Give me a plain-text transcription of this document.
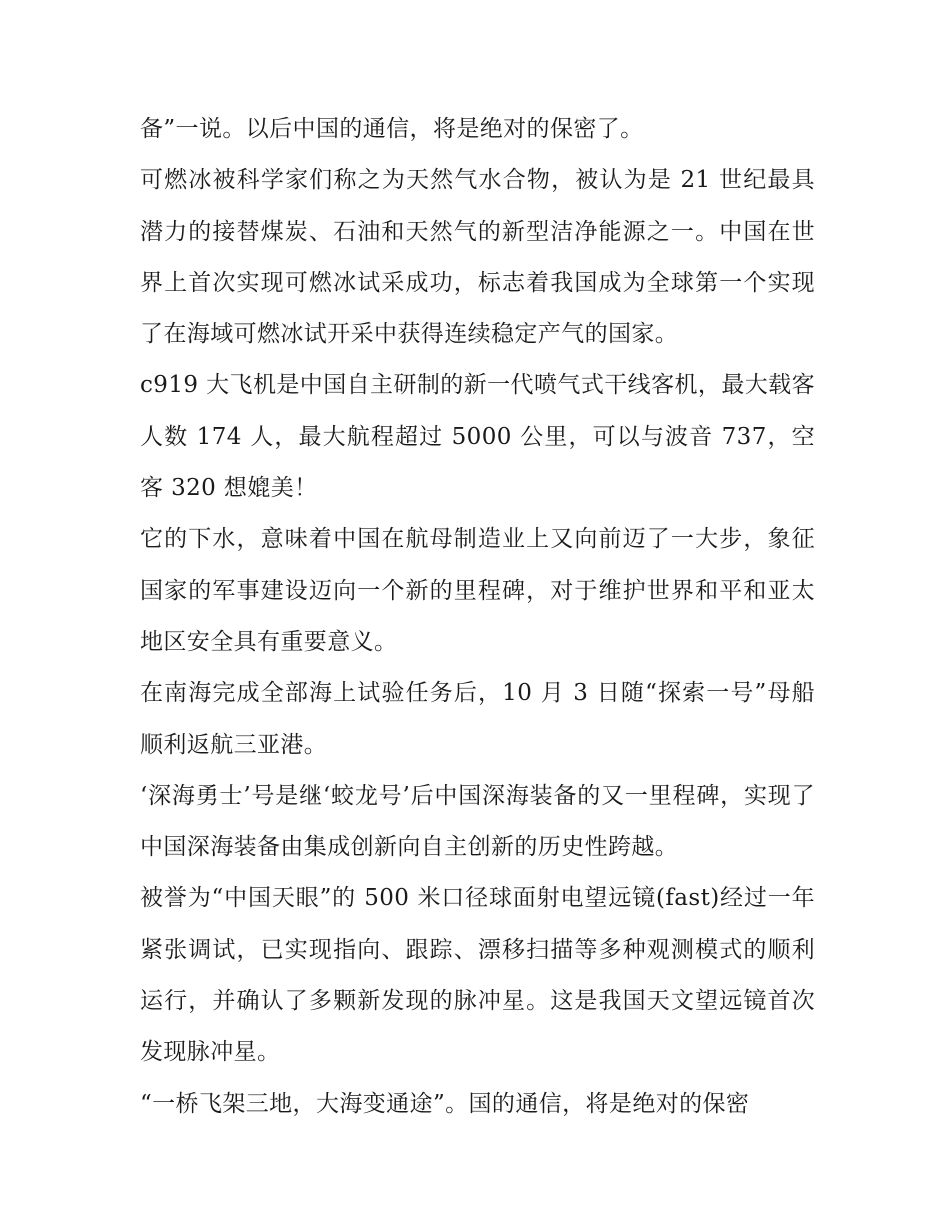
备”一说。以后中国的通信，将是绝对的保密了。

可燃冰被科学家们称之为天然气水合物，被认为是 21 世纪最具潜力的接替煤炭、石油和天然气的新型洁净能源之一。中国在世界上首次实现可燃冰试采成功，标志着我国成为全球第一个实现了在海域可燃冰试开采中获得连续稳定产气的国家。

c919 大飞机是中国自主研制的新一代喷气式干线客机，最大载客人数 174 人，最大航程超过 5000 公里，可以与波音 737，空客 320 想媲美！

它的下水，意味着中国在航母制造业上又向前迈了一大步，象征国家的军事建设迈向一个新的里程碑，对于维护世界和平和亚太地区安全具有重要意义。

在南海完成全部海上试验任务后，10 月 3 日随“探索一号”母船顺利返航三亚港。

‘深海勇士’号是继‘蛟龙号’后中国深海装备的又一里程碑，实现了中国深海装备由集成创新向自主创新的历史性跨越。

被誉为“中国天眼”的 500 米口径球面射电望远镜(fast)经过一年紧张调试，已实现指向、跟踪、漂移扫描等多种观测模式的顺利运行，并确认了多颗新发现的脉冲星。这是我国天文望远镜首次发现脉冲星。

“一桥飞架三地，大海变通途”。国的通信，将是绝对的保密
